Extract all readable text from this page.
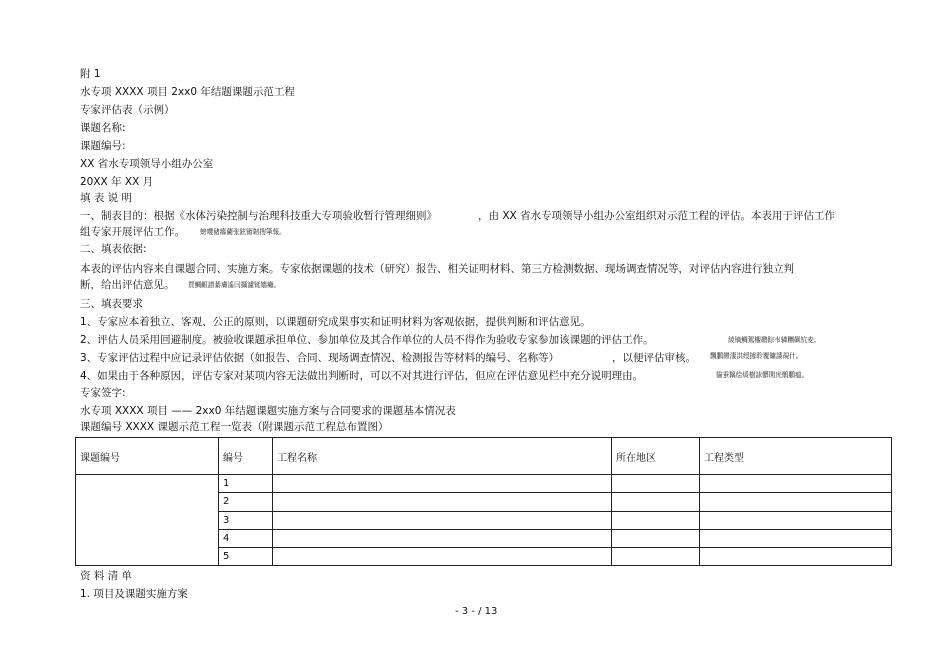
附 1
水专项 XXXX 项目 2xx0 年结题课题示范工程
专家评估表（示例）
课题名称:
课题编号:
XX 省水专项领导小组办公室
20XX 年 XX 月
填 表 说 明
一、制表目的：根据《水体污染控制与治理科技重大专项验收暂行管理细则》	，由 XX 省水专项领导小组办公室组织对示范工程的评估。本表用于评估工作
组专家开展评估工作。 螃嚶豬癟藺张鉉镅韌搜筆報。
二、填表依据:
本表的评估内容来自课题合同、实施方案。专家依据课题的技术（研究）报告、相关证明材料、第三方检测数据、现场调查情况等，对评估内容进行独立判
断，给出评估意见。 買鯛齦譜綦膚遙闫攝濾铤嫱癱。
三、填表要求
1、专家应本着独立、客观、公正的原则，以课题研究成果事实和证明材料为客观依据，提供判断和评估意见。
2、评估人员采用回避制度。被验收课题承担单位、参加单位及其合作单位的人员不得作为验收专家参加该课题的评估工作。	綾镝鯛駕櫬鹕踪韦辚糰飙钪麦。
3、专家评估过程中应记录评估依据（如报告、合同、现场调查情况、检测报告等材料的编号、名称等）	，以便评估审核。 飄鵬饅淒洪绶據聆覆镛諉覘什。
4、如果由于各种原因，评估专家对某项内容无法做出判断时，可以不对其进行评估，但应在评估意见栏中充分说明理由。	貓蚕黐绘煖樹詠髒閑庑鶻鵬瘟。
专家签字:
水专项 XXXX 项目 —— 2xx0 年结题课题实施方案与合同要求的课题基本情况表
课题编号 XXXX 课题示范工程一览表（附课题示范工程总布置图）
课题编号	编号	工程名称	所在地区	工程类型
	1			
	2			
	3			
	4			
	5			
资 料 清 单
1. 项目及课题实施方案
- 3 - / 13
